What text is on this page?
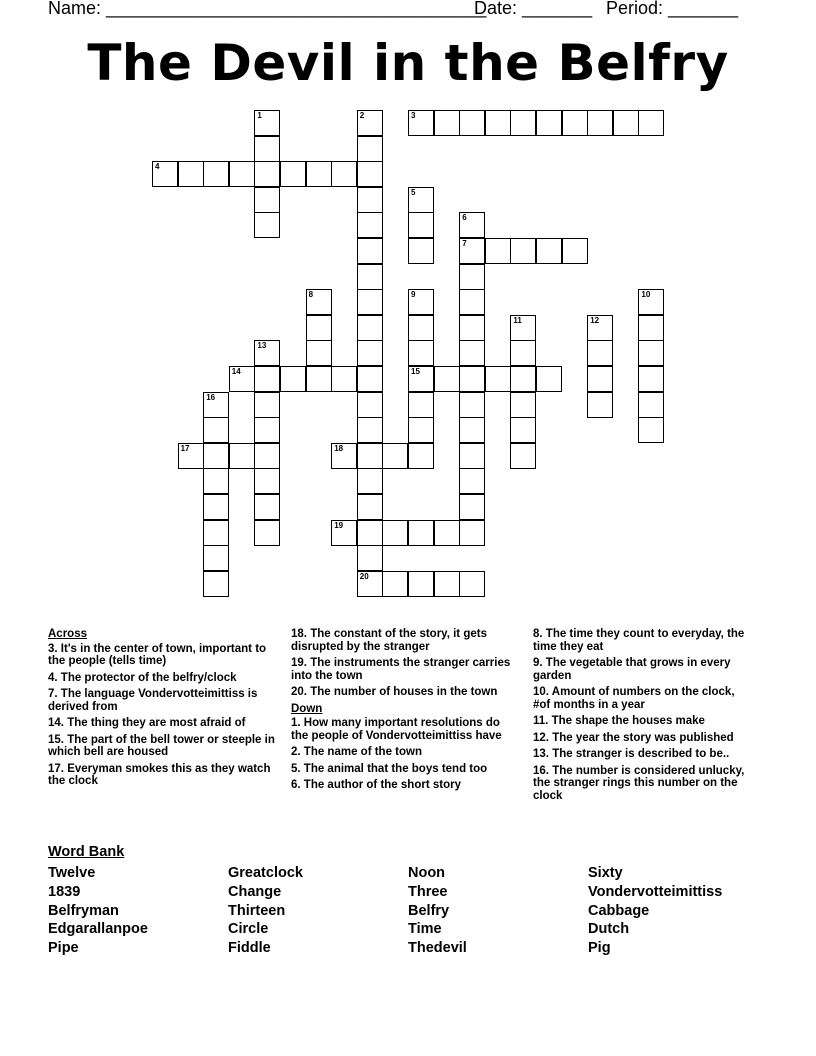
Name: ______________________________________
Date: _______ Period: _______
The Devil in the Belfry
1	2
20
3
4
5
6
7
8	9
15
10
11	12
13
14
16
17	18
19
Across
3. It's in the center of town, important to the people (tells time)
4. The protector of the belfry/clock
7. The language Vondervotteimittiss is derived from
14. The thing they are most afraid of
15. The part of the bell tower or steeple in which bell are housed
17. Everyman smokes this as they watch the clock
18. The constant of the story, it gets disrupted by the stranger
19. The instruments the stranger carries into the town
20. The number of houses in the town
Down
1. How many important resolutions do the people of Vondervotteimittiss have
2. The name of the town
5. The animal that the boys tend too
6. The author of the short story
8. The time they count to everyday, the time they eat
9. The vegetable that grows in every garden
10. Amount of numbers on the clock, #of months in a year
11. The shape the houses make
12. The year the story was published
13. The stranger is described to be..
16. The number is considered unlucky, the stranger rings this number on the clock
Word Bank
Twelve
1839
Belfryman
Edgarallanpoe
Pipe
Greatclock
Change
Thirteen
Circle
Fiddle
Noon
Three
Belfry
Time
Thedevil
Sixty
Vondervotteimittiss
Cabbage
Dutch
Pig
